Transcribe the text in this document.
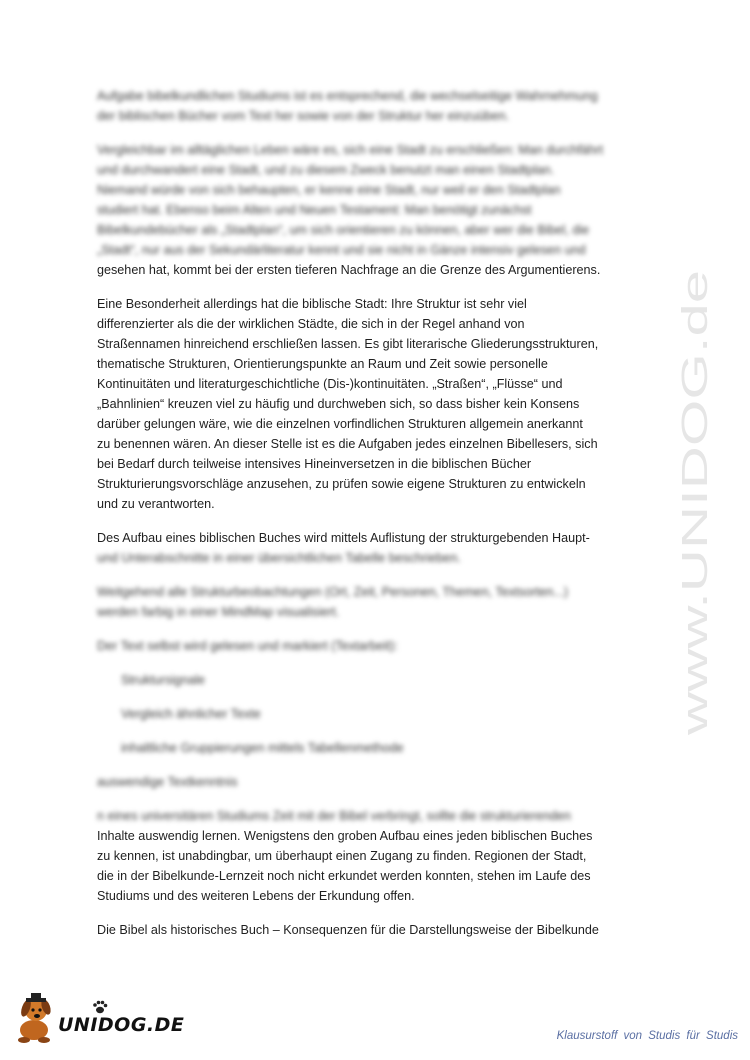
Aufgabe bibelkundlichen Studiums ist es entsprechend, die wechselseitige Wahrnehmung
der biblischen Bücher vom Text her sowie von der Struktur her einzuüben.
Vergleichbar im alltäglichen Leben wäre es, sich eine Stadt zu erschließen: Man durchfährt
und durchwandert eine Stadt, und zu diesem Zweck benutzt man einen Stadtplan.
Niemand würde von sich behaupten, er kenne eine Stadt, nur weil er den Stadtplan
studiert hat. Ebenso beim Alten und Neuen Testament: Man benötigt zunächst
Bibelkundebücher als „Stadtplan“, um sich orientieren zu können, aber wer die Bibel, die
„Stadt“, nur aus der Sekundärliteratur kennt und sie nicht in Gänze intensiv gelesen und
gesehen hat, kommt bei der ersten tieferen Nachfrage an die Grenze des Argumentierens.
Eine Besonderheit allerdings hat die biblische Stadt: Ihre Struktur ist sehr viel
differenzierter als die der wirklichen Städte, die sich in der Regel anhand von
Straßennamen hinreichend erschließen lassen. Es gibt literarische Gliederungsstrukturen,
thematische Strukturen, Orientierungspunkte an Raum und Zeit sowie personelle
Kontinuitäten und literaturgeschichtliche (Dis-)kontinuitäten. „Straßen“, „Flüsse“ und
„Bahnlinien“ kreuzen viel zu häufig und durchweben sich, so dass bisher kein Konsens
darüber gelungen wäre, wie die einzelnen vorfindlichen Strukturen allgemein anerkannt
zu benennen wären. An dieser Stelle ist es die Aufgaben jedes einzelnen Bibellesers, sich
bei Bedarf durch teilweise intensives Hineinversetzen in die biblischen Bücher
Strukturierungsvorschläge anzusehen, zu prüfen sowie eigene Strukturen zu entwickeln
und zu verantworten.
Des Aufbau eines biblischen Buches wird mittels Auflistung der strukturgebenden Haupt-
und Unterabschnitte in einer übersichtlichen Tabelle beschrieben.
Weitgehend alle Strukturbeobachtungen (Ort, Zeit, Personen, Themen, Textsorten...)
werden farbig in einer MindMap visualisiert.
Der Text selbst wird gelesen und markiert (Textarbeit):
Struktursignale
Vergleich ähnlicher Texte
inhaltliche Gruppierungen mittels Tabellenmethode
auswendige Textkenntnis
n eines universitären Studiums Zeit mit der Bibel verbringt, sollte die strukturierenden
Inhalte auswendig lernen. Wenigstens den groben Aufbau eines jeden biblischen Buches
zu kennen, ist unabdingbar, um überhaupt einen Zugang zu finden. Regionen der Stadt,
die in der Bibelkunde-Lernzeit noch nicht erkundet werden konnten, stehen im Laufe des
Studiums und des weiteren Lebens der Erkundung offen.
Die Bibel als historisches Buch – Konsequenzen für die Darstellungsweise der Bibelkunde
www.UNIDOG.de
UNIDOG.DE	Klausurstoff von Studis für Studis
